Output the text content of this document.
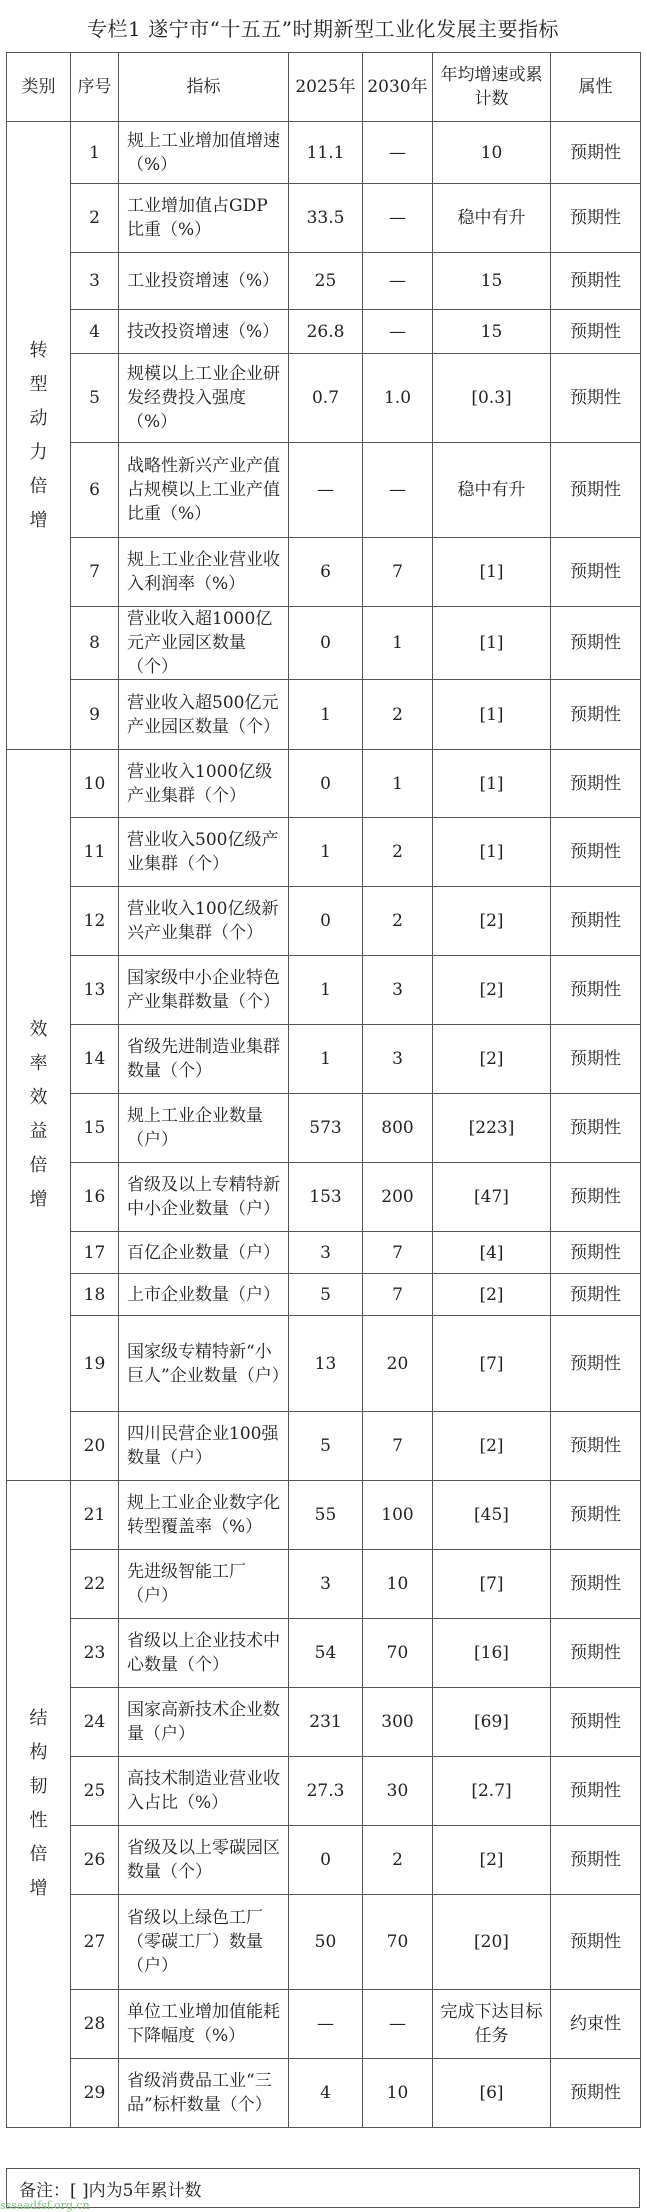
专栏1 遂宁市“十五五”时期新型工业化发展主要指标
类别	序号	指标	2025年	2030年	年均增速或累计数	属性
转型动力倍增	1	规上工业增加值增速（%）	11.1	—	10	预期性
	2	工业增加值占GDP比重（%）	33.5	—	稳中有升	预期性
	3	工业投资增速（%）	25	—	15	预期性
	4	技改投资增速（%）	26.8	—	15	预期性
	5	规模以上工业企业研发经费投入强度（%）	0.7	1.0	[0.3]	预期性
	6	战略性新兴产业产值占规模以上工业产值比重（%）	—	—	稳中有升	预期性
	7	规上工业企业营业收入利润率（%）	6	7	[1]	预期性
	8	营业收入超1000亿元产业园区数量（个）	0	1	[1]	预期性
	9	营业收入超500亿元产业园区数量（个）	1	2	[1]	预期性
效率效益倍增	10	营业收入1000亿级产业集群（个）	0	1	[1]	预期性
	11	营业收入500亿级产业集群（个）	1	2	[1]	预期性
	12	营业收入100亿级新兴产业集群（个）	0	2	[2]	预期性
	13	国家级中小企业特色产业集群数量（个）	1	3	[2]	预期性
	14	省级先进制造业集群数量（个）	1	3	[2]	预期性
	15	规上工业企业数量（户）	573	800	[223]	预期性
	16	省级及以上专精特新中小企业数量（户）	153	200	[47]	预期性
	17	百亿企业数量（户）	3	7	[4]	预期性
	18	上市企业数量（户）	5	7	[2]	预期性
	19	国家级专精特新“小巨人”企业数量（户）	13	20	[7]	预期性
	20	四川民营企业100强数量（户）	5	7	[2]	预期性
结构韧性倍增	21	规上工业企业数字化转型覆盖率（%）	55	100	[45]	预期性
	22	先进级智能工厂（户）	3	10	[7]	预期性
	23	省级以上企业技术中心数量（个）	54	70	[16]	预期性
	24	国家高新技术企业数量（户）	231	300	[69]	预期性
	25	高技术制造业营业收入占比（%）	27.3	30	[2.7]	预期性
	26	省级及以上零碳园区数量（个）	0	2	[2]	预期性
	27	省级以上绿色工厂（零碳工厂）数量（户）	50	70	[20]	预期性
	28	单位工业增加值能耗下降幅度（%）	—	—	完成下达目标任务	约束性
	29	省级消费品工业“三品”标杆数量（个）	4	10	[6]	预期性
备注：[ ]内为5年累计数
sssaadfsf.org.cn
